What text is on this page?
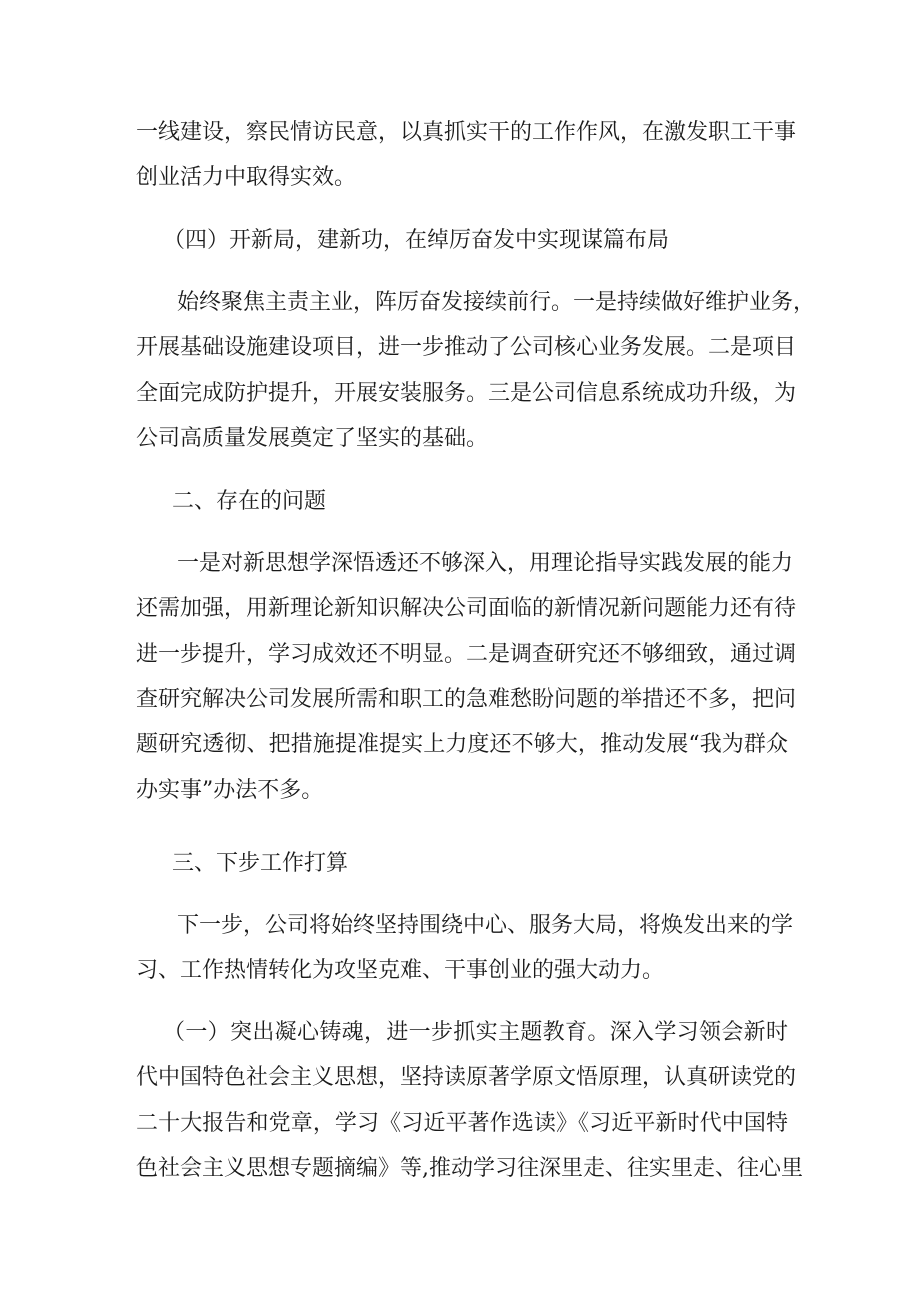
一线建设，察民情访民意，以真抓实干的工作作风，在激发职工干事
创业活力中取得实效。
（四）开新局，建新功，在绰厉奋发中实现谋篇布局
始终聚焦主责主业，阵厉奋发接续前行。一是持续做好维护业务，
开展基础设施建设项目，进一步推动了公司核心业务发展。二是项目
全面完成防护提升，开展安装服务。三是公司信息系统成功升级，为
公司高质量发展奠定了坚实的基础。
二、存在的问题
一是对新思想学深悟透还不够深入，用理论指导实践发展的能力
还需加强，用新理论新知识解决公司面临的新情况新问题能力还有待
进一步提升，学习成效还不明显。二是调查研究还不够细致，通过调
查研究解决公司发展所需和职工的急难愁盼问题的举措还不多，把问
题研究透彻、把措施提准提实上力度还不够大，推动发展“我为群众
办实事”办法不多。
三、下步工作打算
下一步，公司将始终坚持围绕中心、服务大局，将焕发出来的学
习、工作热情转化为攻坚克难、干事创业的强大动力。
（一）突出凝心铸魂，进一步抓实主题教育。深入学习领会新时
代中国特色社会主义思想，坚持读原著学原文悟原理，认真研读党的
二十大报告和党章，学习《习近平著作选读》《习近平新时代中国特
色社会主义思想专题摘编》等,推动学习往深里走、往实里走、往心里
